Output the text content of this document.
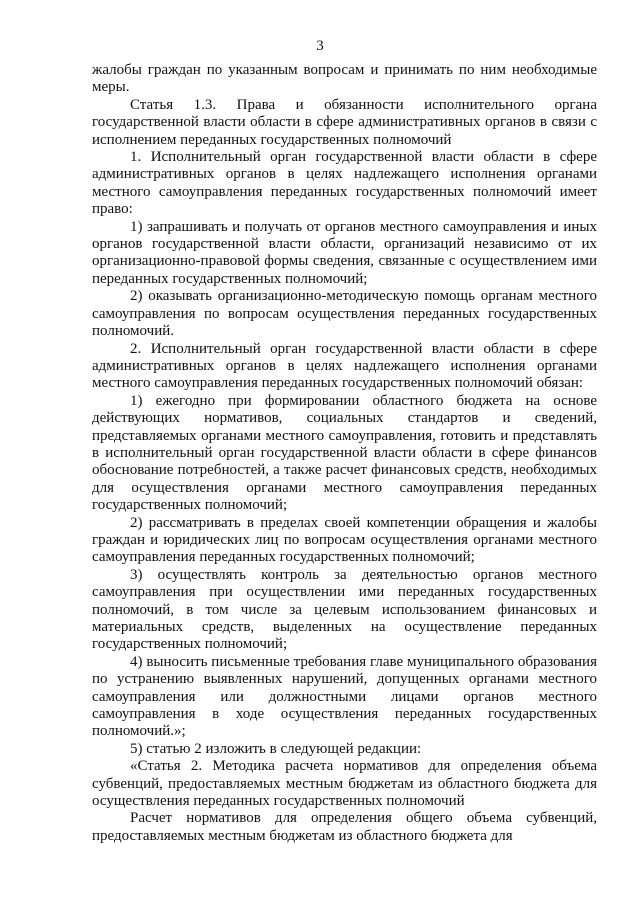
3

жалобы граждан по указанным вопросам и принимать по ним необходимые меры.

Статья 1.3. Права и обязанности исполнительного органа государственной власти области в сфере административных органов в связи с исполнением переданных государственных полномочий

1. Исполнительный орган государственной власти области в сфере административных органов в целях надлежащего исполнения органами местного самоуправления переданных государственных полномочий имеет право:

1) запрашивать и получать от органов местного самоуправления и иных органов государственной власти области, организаций независимо от их организационно-правовой формы сведения, связанные с осуществлением ими переданных государственных полномочий;

2) оказывать организационно-методическую помощь органам местного самоуправления по вопросам осуществления переданных государственных полномочий.

2. Исполнительный орган государственной власти области в сфере административных органов в целях надлежащего исполнения органами местного самоуправления переданных государственных полномочий обязан:

1) ежегодно при формировании областного бюджета на основе действующих нормативов, социальных стандартов и сведений, представляемых органами местного самоуправления, готовить и представлять в исполнительный орган государственной власти области в сфере финансов обоснование потребностей, а также расчет финансовых средств, необходимых для осуществления органами местного самоуправления переданных государственных полномочий;

2) рассматривать в пределах своей компетенции обращения и жалобы граждан и юридических лиц по вопросам осуществления органами местного самоуправления переданных государственных полномочий;

3) осуществлять контроль за деятельностью органов местного самоуправления при осуществлении ими переданных государственных полномочий, в том числе за целевым использованием финансовых и материальных средств, выделенных на осуществление переданных государственных полномочий;

4) выносить письменные требования главе муниципального образования по устранению выявленных нарушений, допущенных органами местного самоуправления или должностными лицами органов местного самоуправления в ходе осуществления переданных государственных полномочий.»;

5) статью 2 изложить в следующей редакции:

«Статья 2. Методика расчета нормативов для определения объема субвенций, предоставляемых местным бюджетам из областного бюджета для осуществления переданных государственных полномочий

Расчет нормативов для определения общего объема субвенций, предоставляемых местным бюджетам из областного бюджета для
